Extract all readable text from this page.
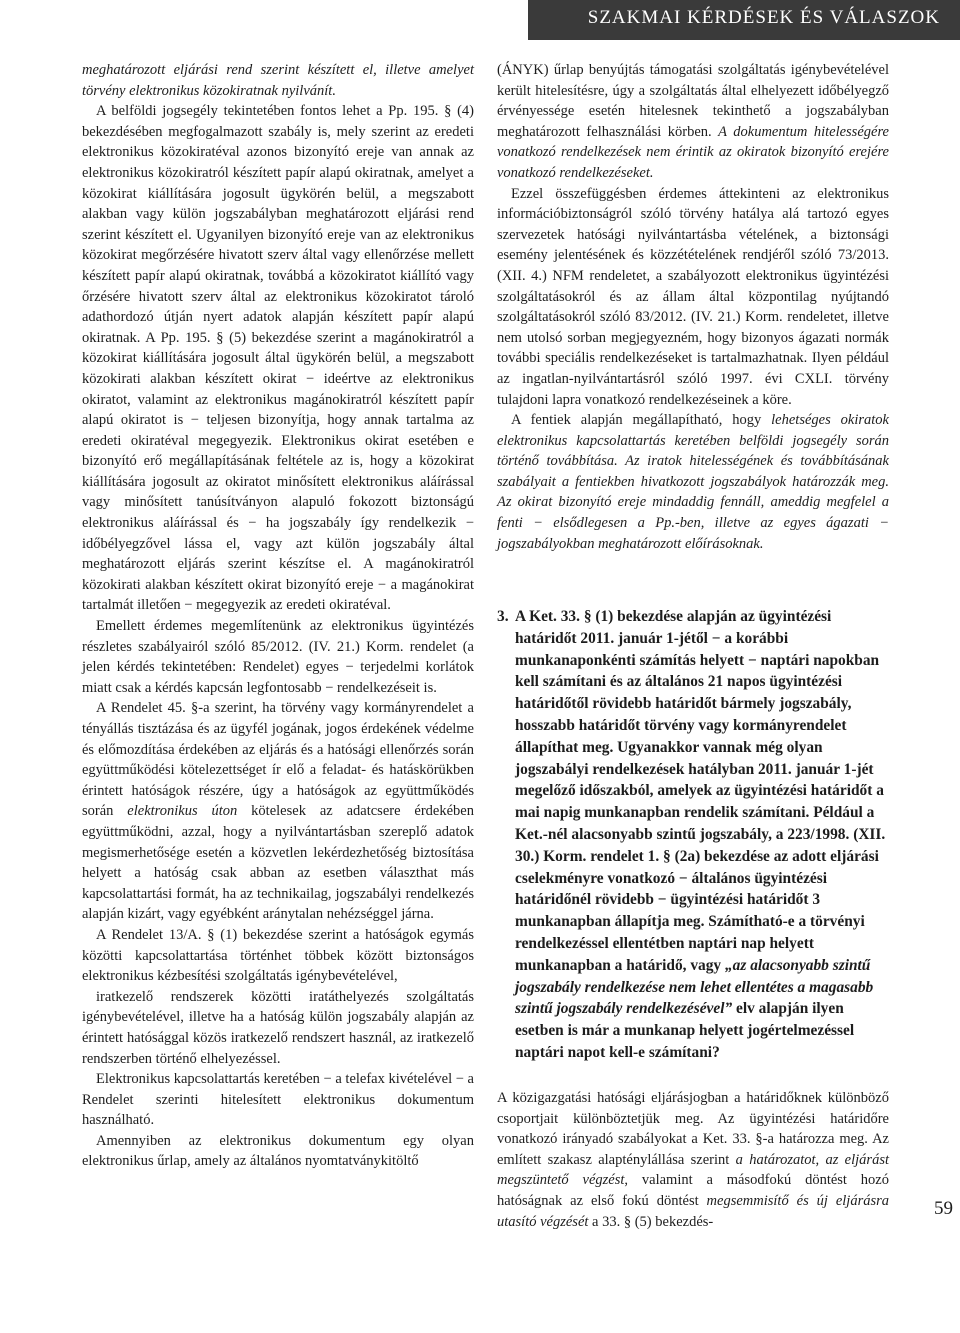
SZAKMAI KÉRDÉSEK ÉS VÁLASZOK

meghatározott eljárási rend szerint készített el, illetve amelyet törvény elektronikus közokiratnak nyilvánít.

A belföldi jogsegély tekintetében fontos lehet a Pp. 195. § (4) bekezdésében megfogalmazott szabály is, mely szerint az eredeti elektronikus közokiratéval azonos bizonyító ereje van annak az elektronikus közokiratról készített papír alapú okiratnak, amelyet a közokirat kiállítására jogosult ügykörén belül, a megszabott alakban vagy külön jogszabályban meghatározott eljárási rend szerint készített el. Ugyanilyen bizonyító ereje van az elektronikus közokirat megőrzésére hivatott szerv által vagy ellenőrzése mellett készített papír alapú okiratnak, továbbá a közokiratot kiállító vagy őrzésére hivatott szerv által az elektronikus közokiratot tároló adathordozó útján nyert adatok alapján készített papír alapú okiratnak. A Pp. 195. § (5) bekezdése szerint a magánokiratról a közokirat kiállítására jogosult által ügykörén belül, a megszabott közokirati alakban készített okirat − ideértve az elektronikus okiratot, valamint az elektronikus magánokiratról készített papír alapú okiratot is − teljesen bizonyítja, hogy annak tartalma az eredeti okiratéval megegyezik. Elektronikus okirat esetében e bizonyító erő megállapításának feltétele az is, hogy a közokirat kiállítására jogosult az okiratot minősített elektronikus aláírással vagy minősített tanúsítványon alapuló fokozott biztonságú elektronikus aláírással és − ha jogszabály így rendelkezik − időbélyegzővel lássa el, vagy azt külön jogszabály által meghatározott eljárás szerint készítse el. A magánokiratról közokirati alakban készített okirat bizonyító ereje − a magánokirat tartalmát illetően − megegyezik az eredeti okiratéval.

Emellett érdemes megemlítenünk az elektronikus ügyintézés részletes szabályairól szóló 85/2012. (IV. 21.) Korm. rendelet (a jelen kérdés tekintetében: Rendelet) egyes − terjedelmi korlátok miatt csak a kérdés kapcsán legfontosabb − rendelkezéseit is.

A Rendelet 45. §-a szerint, ha törvény vagy kormányrendelet a tényállás tisztázása és az ügyfél jogának, jogos érdekének védelme és előmozdítása érdekében az eljárás és a hatósági ellenőrzés során együttműködési kötelezettséget ír elő a feladat- és hatáskörükben érintett hatóságok részére, úgy a hatóságok az együttműködés során elektronikus úton kötelesek az adatcsere érdekében együttműködni, azzal, hogy a nyilvántartásban szereplő adatok megismerhetősége esetén a közvetlen lekérdezhetőség biztosítása helyett a hatóság csak abban az esetben választhat más kapcsolattartási formát, ha az technikailag, jogszabályi rendelkezés alapján kizárt, vagy egyébként aránytalan nehézséggel járna.

A Rendelet 13/A. § (1) bekezdése szerint a hatóságok egymás közötti kapcsolattartása történhet többek között biztonságos elektronikus kézbesítési szolgáltatás igénybevételével,

iratkezelő rendszerek közötti iratáthelyezés szolgáltatás igénybevételével, illetve ha a hatóság külön jogszabály alapján az érintett hatósággal közös iratkezelő rendszert használ, az iratkezelő rendszerben történő elhelyezéssel.

Elektronikus kapcsolattartás keretében − a telefax kivételével − a Rendelet szerinti hitelesített elektronikus dokumentum használható.

Amennyiben az elektronikus dokumentum egy olyan elektronikus űrlap, amely az általános nyomtatványkitöltő

(ÁNYK) űrlap benyújtás támogatási szolgáltatás igénybevételével került hitelesítésre, úgy a szolgáltatás által elhelyezett időbélyegző érvényessége esetén hitelesnek tekinthető a jogszabályban meghatározott felhasználási körben. A dokumentum hitelességére vonatkozó rendelkezések nem érintik az okiratok bizonyító erejére vonatkozó rendelkezéseket.

Ezzel összefüggésben érdemes áttekinteni az elektronikus információbiztonságról szóló törvény hatálya alá tartozó egyes szervezetek hatósági nyilvántartásba vételének, a biztonsági esemény jelentésének és közzétételének rendjéről szóló 73/2013. (XII. 4.) NFM rendeletet, a szabályozott elektronikus ügyintézési szolgáltatásokról és az állam által központilag nyújtandó szolgáltatásokról szóló 83/2012. (IV. 21.) Korm. rendeletet, illetve nem utolsó sorban megjegyezném, hogy bizonyos ágazati normák további speciális rendelkezéseket is tartalmazhatnak. Ilyen például az ingatlan-nyilvántartásról szóló 1997. évi CXLI. törvény tulajdoni lapra vonatkozó rendelkezéseinek a köre.

A fentiek alapján megállapítható, hogy lehetséges okiratok elektronikus kapcsolattartás keretében belföldi jogsegély során történő továbbítása. Az iratok hitelességének és továbbításának szabályait a fentiekben hivatkozott jogszabályok határozzák meg. Az okirat bizonyító ereje mindaddig fennáll, ameddig megfelel a fenti − elsődlegesen a Pp.-ben, illetve az egyes ágazati − jogszabályokban meghatározott előírásoknak.

3. A Ket. 33. § (1) bekezdése alapján az ügyintézési határidőt 2011. január 1-jétől − a korábbi munkanaponkénti számítás helyett − naptári napokban kell számítani és az általános 21 napos ügyintézési határidőtől rövidebb határidőt bármely jogszabály, hosszabb határidőt törvény vagy kormányrendelet állapíthat meg. Ugyanakkor vannak még olyan jogszabályi rendelkezések hatályban 2011. január 1-jét megelőző időszakból, amelyek az ügyintézési határidőt a mai napig munkanapban rendelik számítani. Például a Ket.-nél alacsonyabb szintű jogszabály, a 223/1998. (XII. 30.) Korm. rendelet 1. § (2a) bekezdése az adott eljárási cselekményre vonatkozó − általános ügyintézési határidőnél rövidebb − ügyintézési határidőt 3 munkanapban állapítja meg. Számítható-e a törvényi rendelkezéssel ellentétben naptári nap helyett munkanapban a határidő, vagy „az alacsonyabb szintű jogszabály rendelkezése nem lehet ellentétes a magasabb szintű jogszabály rendelkezésével” elv alapján ilyen esetben is már a munkanap helyett jogértelmezéssel naptári napot kell-e számítani?

A közigazgatási hatósági eljárásjogban a határidőknek különböző csoportjait különböztetjük meg. Az ügyintézési határidőre vonatkozó irányadó szabályokat a Ket. 33. §-a határozza meg. Az említett szakasz alapténylállása szerint a határozatot, az eljárást megszüntető végzést, valamint a másodfokú döntést hozó hatóságnak az első fokú döntést megsemmisítő és új eljárásra utasító végzését a 33. § (5) bekezdés-

59
